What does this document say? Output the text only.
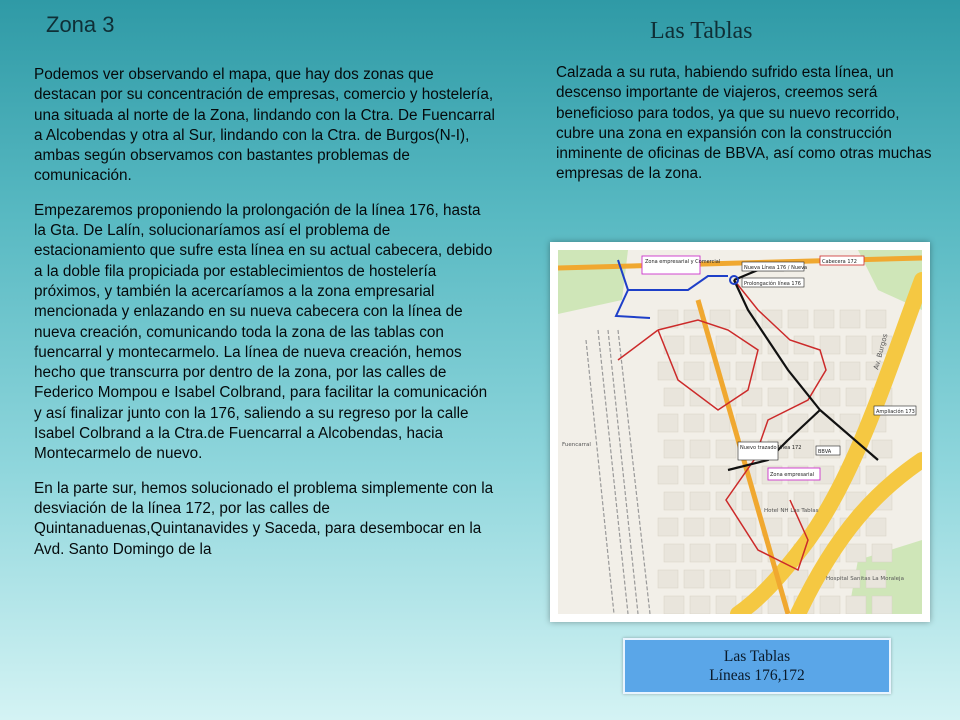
Zona 3	Las Tablas

Podemos ver observando el mapa, que hay dos zonas que destacan por su concentración de empresas, comercio y hostelería, una situada al norte de la Zona, lindando con la Ctra. De Fuencarral a Alcobendas y otra al Sur, lindando con la Ctra. de Burgos(N-I), ambas según observamos con bastantes problemas de comunicación.

Empezaremos proponiendo la prolongación de la línea 176, hasta la Gta. De Lalín, solucionaríamos así el problema de estacionamiento que sufre esta línea en su actual cabecera, debido a la doble fila propiciada por establecimientos de hostelería próximos, y también la acercaríamos a la zona empresarial mencionada y enlazando en su nueva cabecera con la línea de nueva creación, comunicando toda la zona de las tablas con fuencarral y montecarmelo. La línea de nueva creación, hemos hecho que transcurra por dentro de la zona, por las calles de Federico Mompou e Isabel Colbrand, para facilitar la comunicación y así finalizar junto con la 176, saliendo a su regreso por la calle Isabel Colbrand a la Ctra.de Fuencarral a Alcobendas, hacia Montecarmelo de nuevo.

En la parte sur, hemos solucionado el problema simplemente con la desviación de la línea 172, por las calles de Quintanaduenas,Quintanavides y Saceda, para desembocar en la Avd. Santo Domingo de la

Calzada a su ruta, habiendo sufrido esta línea, un descenso importante de viajeros, creemos será beneficioso para todos, ya que su nuevo recorrido, cubre una zona en expansión con la construcción inminente de oficinas de BBVA, así como otras muchas empresas de la zona.
Zona empresarial y Comercial
Nueva Línea 176 / Nueva
Prolongación línea 176
Cabecera 172
Ampliación 173
Nuevo trazado línea 172
BBVA
Zona empresarial
Av. Burgos
Hospital Sanitas La Moraleja
Hotel NH Las Tablas
Fuencarral
Las Tablas
Líneas 176,172
